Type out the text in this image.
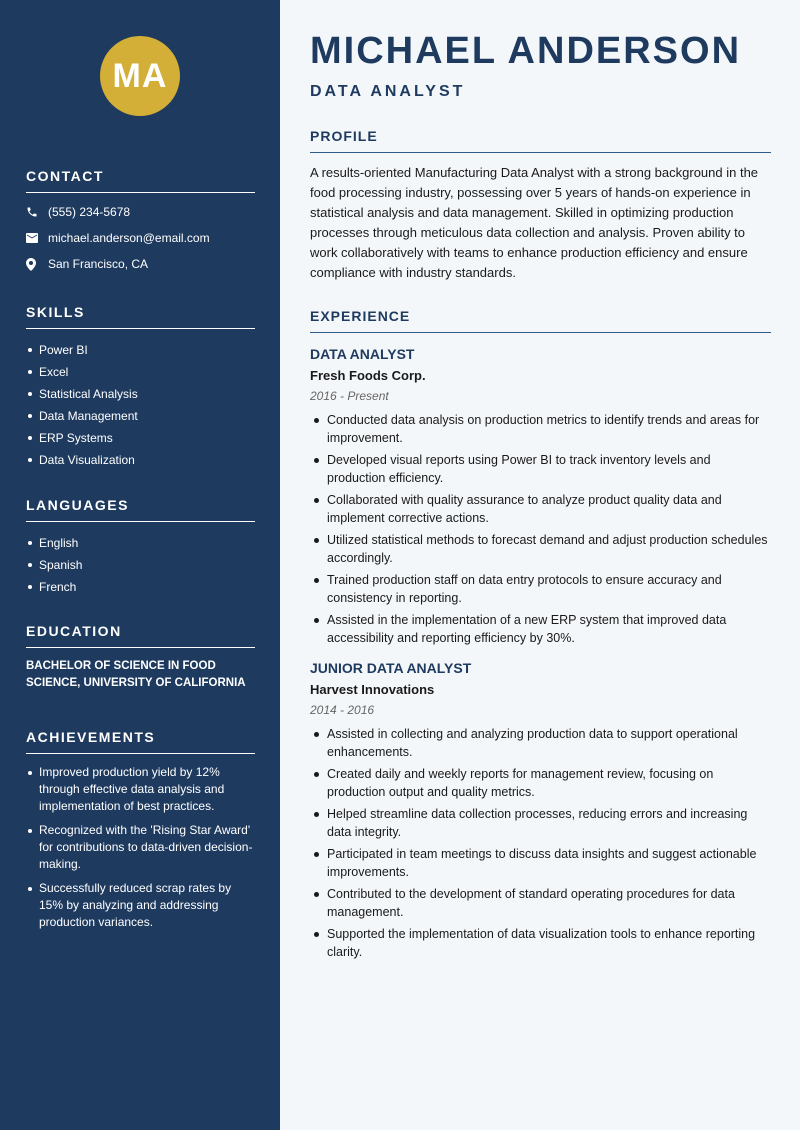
MA
CONTACT
(555) 234-5678
michael.anderson@email.com
San Francisco, CA
SKILLS
Power BI
Excel
Statistical Analysis
Data Management
ERP Systems
Data Visualization
LANGUAGES
English
Spanish
French
EDUCATION

BACHELOR OF SCIENCE IN FOOD SCIENCE, UNIVERSITY OF CALIFORNIA

ACHIEVEMENTS
Improved production yield by 12% through effective data analysis and implementation of best practices.
Recognized with the 'Rising Star Award' for contributions to data-driven decision-making.
Successfully reduced scrap rates by 15% by analyzing and addressing production variances.
MICHAEL ANDERSON
DATA ANALYST
PROFILE

A results-oriented Manufacturing Data Analyst with a strong background in the food processing industry, possessing over 5 years of hands-on experience in statistical analysis and data management. Skilled in optimizing production processes through meticulous data collection and analysis. Proven ability to work collaboratively with teams to enhance production efficiency and ensure compliance with industry standards.

EXPERIENCE
DATA ANALYST
Fresh Foods Corp.
2016 - Present
Conducted data analysis on production metrics to identify trends and areas for improvement.
Developed visual reports using Power BI to track inventory levels and production efficiency.
Collaborated with quality assurance to analyze product quality data and implement corrective actions.
Utilized statistical methods to forecast demand and adjust production schedules accordingly.
Trained production staff on data entry protocols to ensure accuracy and consistency in reporting.
Assisted in the implementation of a new ERP system that improved data accessibility and reporting efficiency by 30%.
JUNIOR DATA ANALYST
Harvest Innovations
2014 - 2016
Assisted in collecting and analyzing production data to support operational enhancements.
Created daily and weekly reports for management review, focusing on production output and quality metrics.
Helped streamline data collection processes, reducing errors and increasing data integrity.
Participated in team meetings to discuss data insights and suggest actionable improvements.
Contributed to the development of standard operating procedures for data management.
Supported the implementation of data visualization tools to enhance reporting clarity.
